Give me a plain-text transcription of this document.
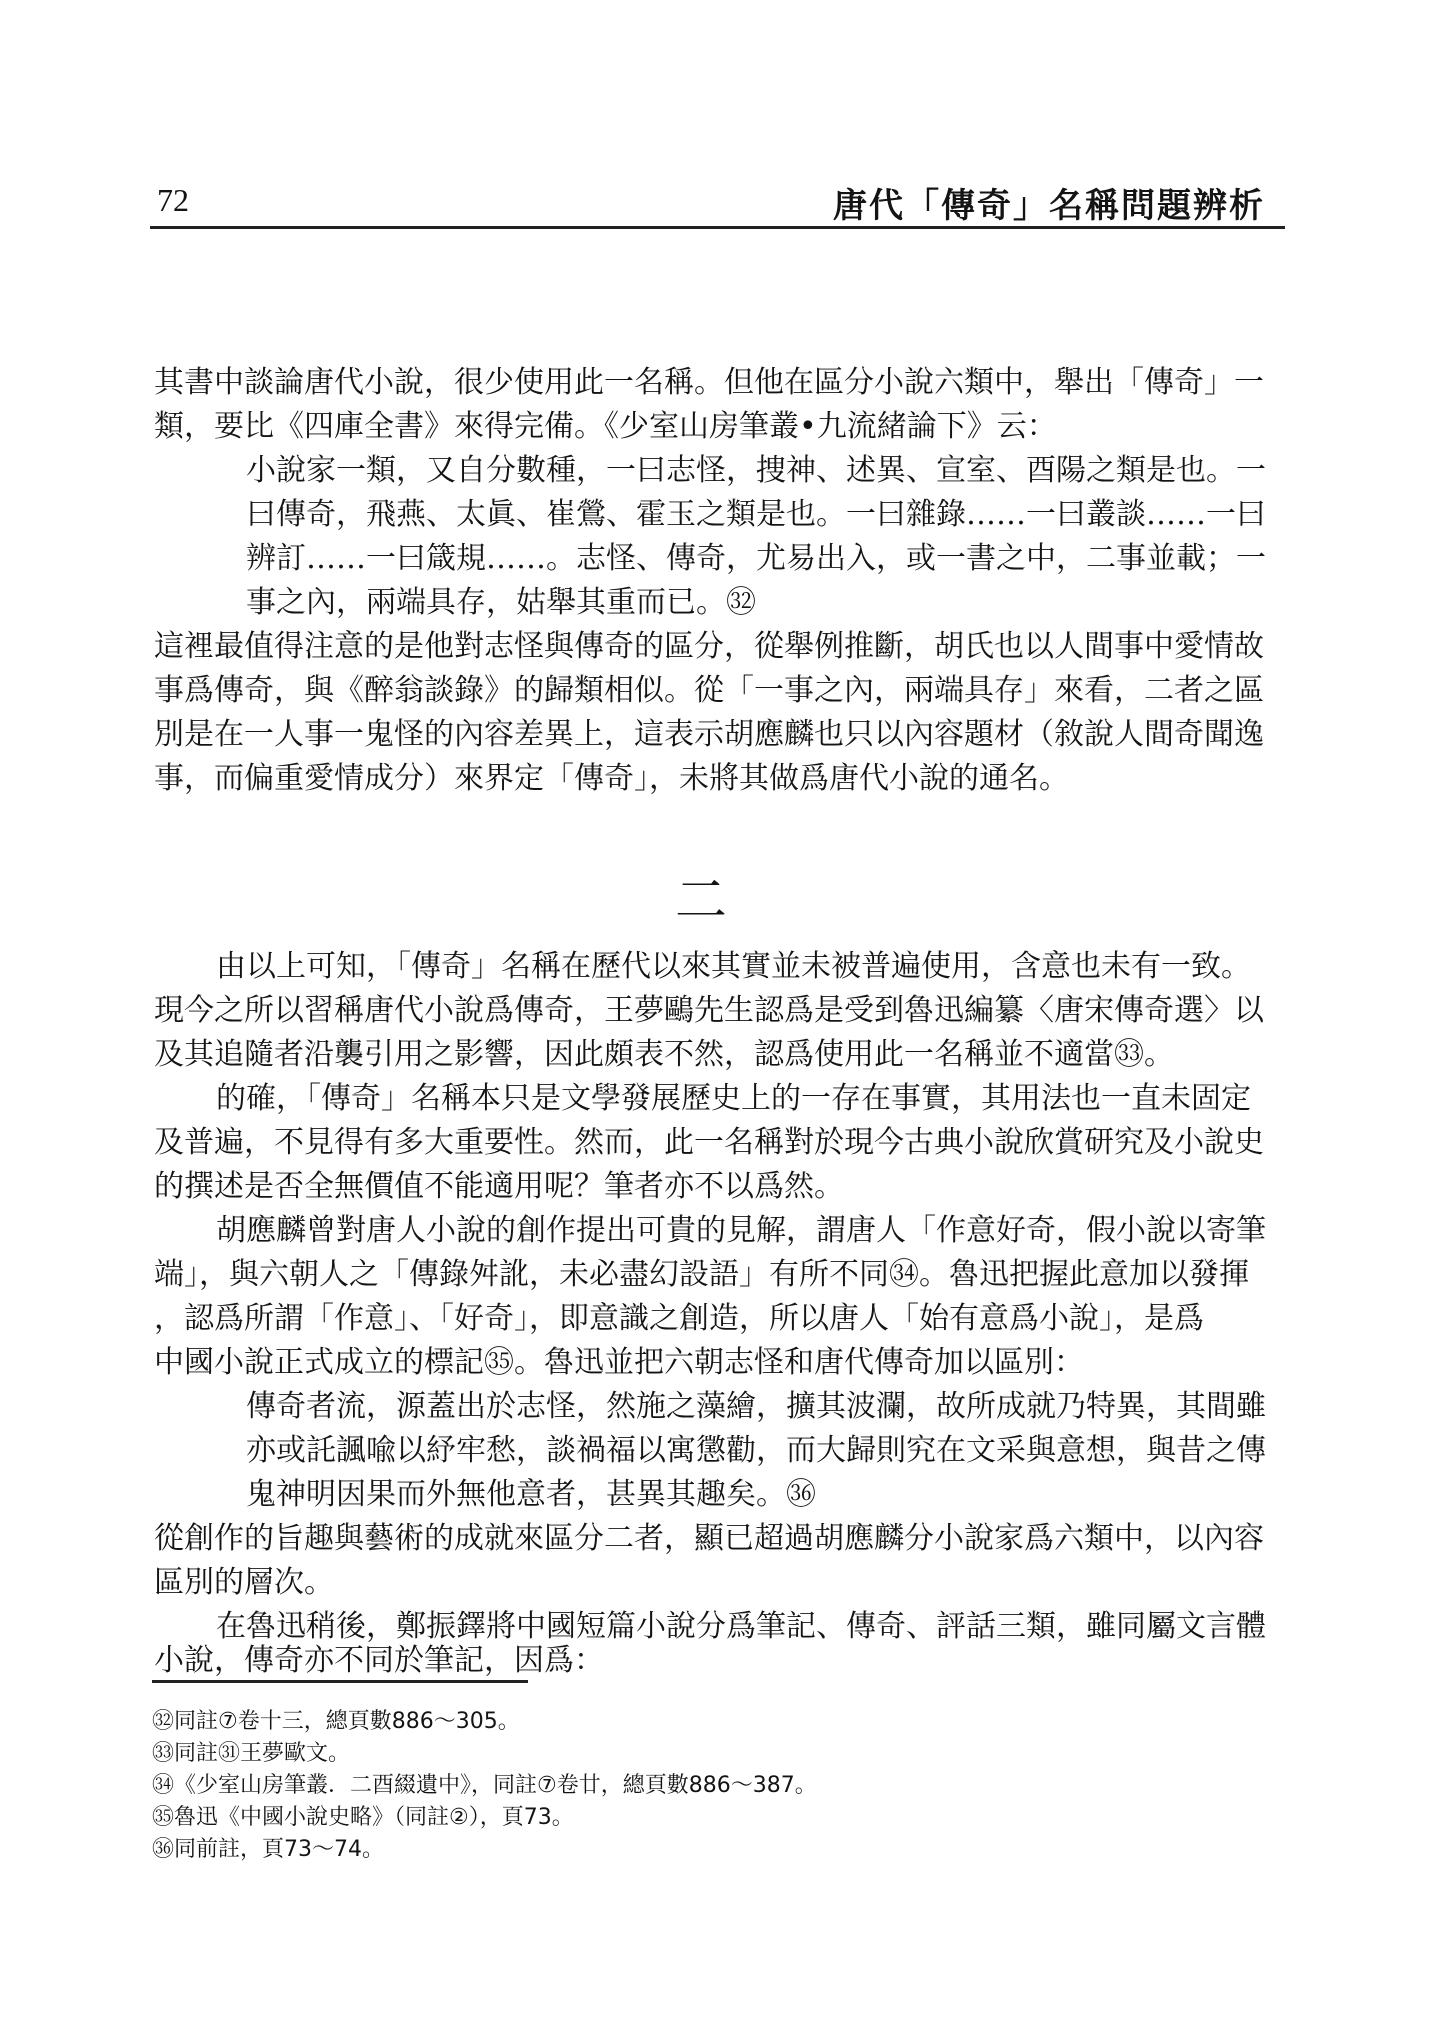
72	唐代「傳奇」名稱問題辨析
其書中談論唐代小說，很少使用此一名稱。但他在區分小說六類中，舉出「傳奇」一
類，要比《四庫全書》來得完備。《少室山房筆叢•九流緒論下》云：
小說家一類，又自分數種，一曰志怪，捜神、述異、宣室、酉陽之類是也。一
曰傳奇，飛燕、太眞、崔鶯、霍玉之類是也。一曰雜錄……一曰叢談……一曰
辨訂……一曰箴規……。志怪、傳奇，尤易出入，或一書之中，二事並載；一
事之內，兩端具存，姑舉其重而已。㉜
這裡最值得注意的是他對志怪與傳奇的區分，從舉例推斷，胡氏也以人間事中愛情故
事爲傳奇，與《醉翁談錄》的歸類相似。從「一事之內，兩端具存」來看，二者之區
別是在一人事一鬼怪的內容差異上，這表示胡應麟也只以內容題材（敘說人間奇聞逸
事，而偏重愛情成分）來界定「傳奇」，未將其做爲唐代小說的通名。
二
由以上可知，「傳奇」名稱在歷代以來其實並未被普遍使用，含意也未有一致。
現今之所以習稱唐代小說爲傳奇，王夢鷗先生認爲是受到魯迅編纂〈唐宋傳奇選〉以
及其追隨者沿襲引用之影響，因此頗表不然，認爲使用此一名稱並不適當㉝。
的確，「傳奇」名稱本只是文學發展歷史上的一存在事實，其用法也一直未固定
及普遍，不見得有多大重要性。然而，此一名稱對於現今古典小說欣賞研究及小說史
的撰述是否全無價值不能適用呢？筆者亦不以爲然。
胡應麟曾對唐人小說的創作提出可貴的見解，謂唐人「作意好奇，假小說以寄筆
端」，與六朝人之「傳錄舛訛，未必盡幻設語」有所不同㉞。魯迅把握此意加以發揮
，認爲所謂「作意」、「好奇」，即意識之創造，所以唐人「始有意爲小說」，是爲
中國小說正式成立的標記㉟。魯迅並把六朝志怪和唐代傳奇加以區別：
傳奇者流，源蓋出於志怪，然施之藻繪，擴其波瀾，故所成就乃特異，其間雖
亦或託諷喩以紓牢愁，談禍福以寓懲勸，而大歸則究在文采與意想，與昔之傳
鬼神明因果而外無他意者，甚異其趣矣。㊱
從創作的旨趣與藝術的成就來區分二者，顯已超過胡應麟分小說家爲六類中，以內容
區別的層次。
在魯迅稍後，鄭振鐸將中國短篇小說分爲筆記、傳奇、評話三類，雖同屬文言體
小說，傳奇亦不同於筆記，因爲：
㉜同註⑦卷十三，總頁數886～305。
㉝同註㉛王夢歐文。
㉞《少室山房筆叢．二酉綴遺中》，同註⑦卷廿，總頁數886～387。
㉟魯迅《中國小說史略》（同註②），頁73。
㊱同前註，頁73～74。
